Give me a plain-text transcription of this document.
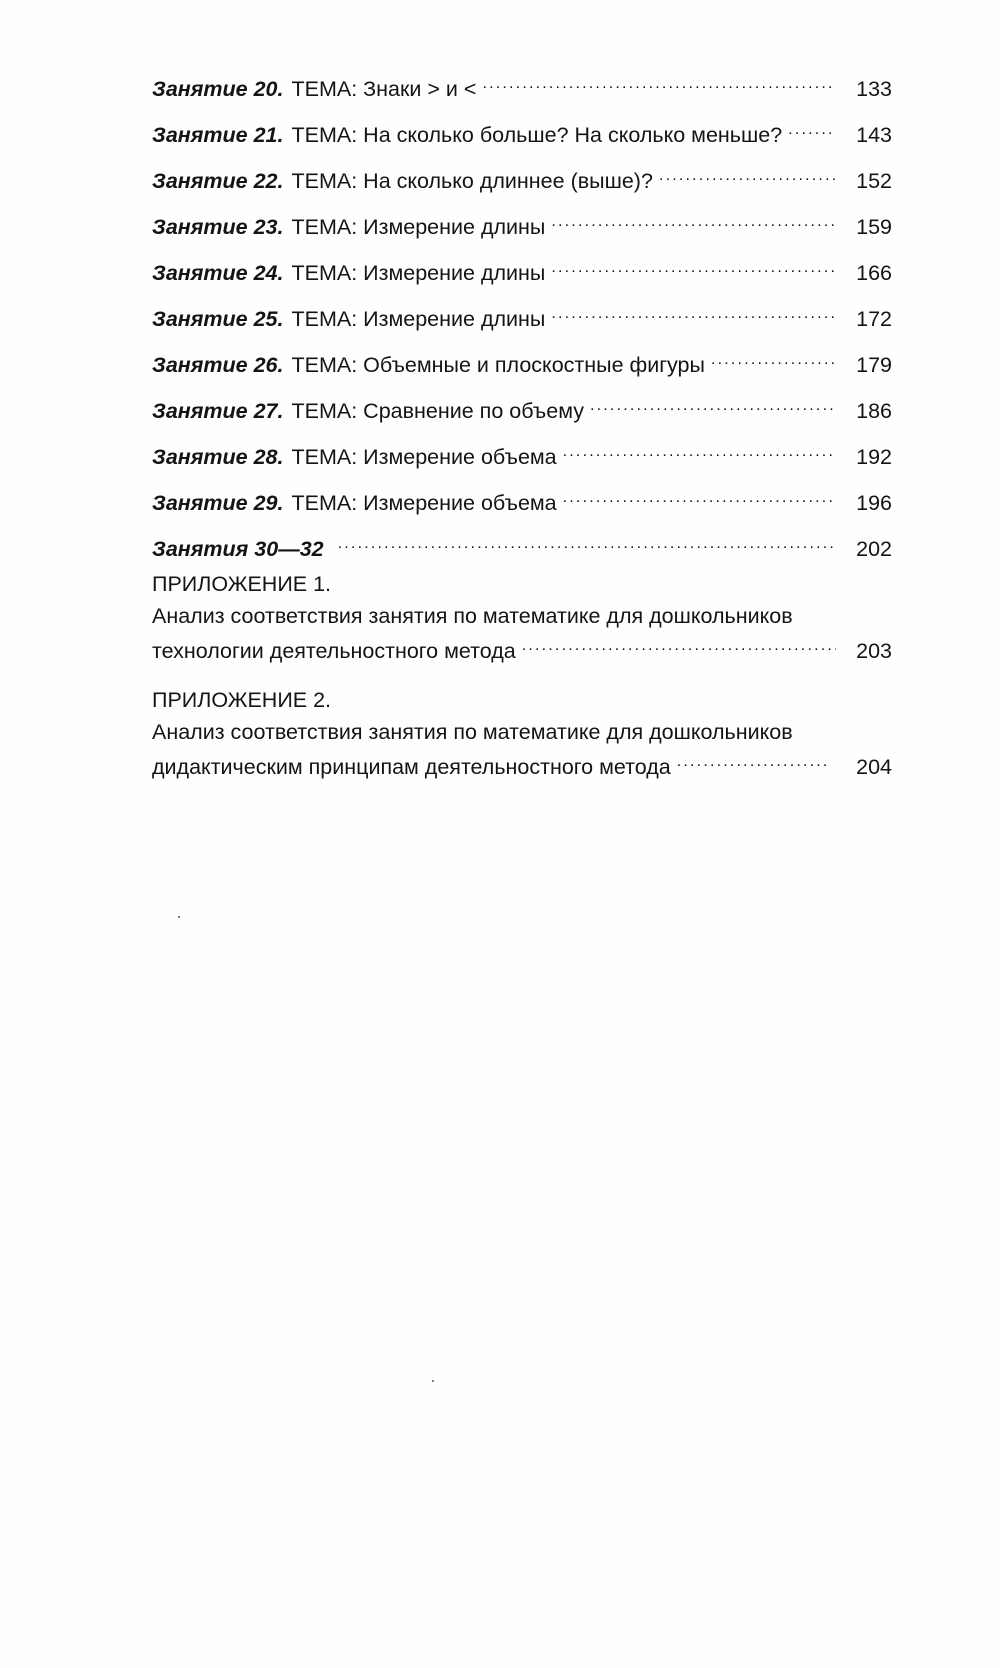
Занятие 20. ТЕМА: Знаки > и < .....	133
Занятие 21. ТЕМА: На сколько больше? На сколько меньше? .....	143
Занятие 22. ТЕМА: На сколько длиннее (выше)? .....	152
Занятие 23. ТЕМА: Измерение длины .....	159
Занятие 24. ТЕМА: Измерение длины .....	166
Занятие 25. ТЕМА: Измерение длины .....	172
Занятие 26. ТЕМА: Объемные и плоскостные фигуры .....	179
Занятие 27. ТЕМА: Сравнение по объему .....	186
Занятие 28. ТЕМА: Измерение объема .....	192
Занятие 29. ТЕМА: Измерение объема .....	196
Занятия 30—32 .....	202
ПРИЛОЖЕНИЕ 1.
Анализ соответствия занятия по математике для дошкольников
технологии деятельностного метода .....	203
ПРИЛОЖЕНИЕ 2.
Анализ соответствия занятия по математике для дошкольников
дидактическим принципам деятельностного метода .....	204
